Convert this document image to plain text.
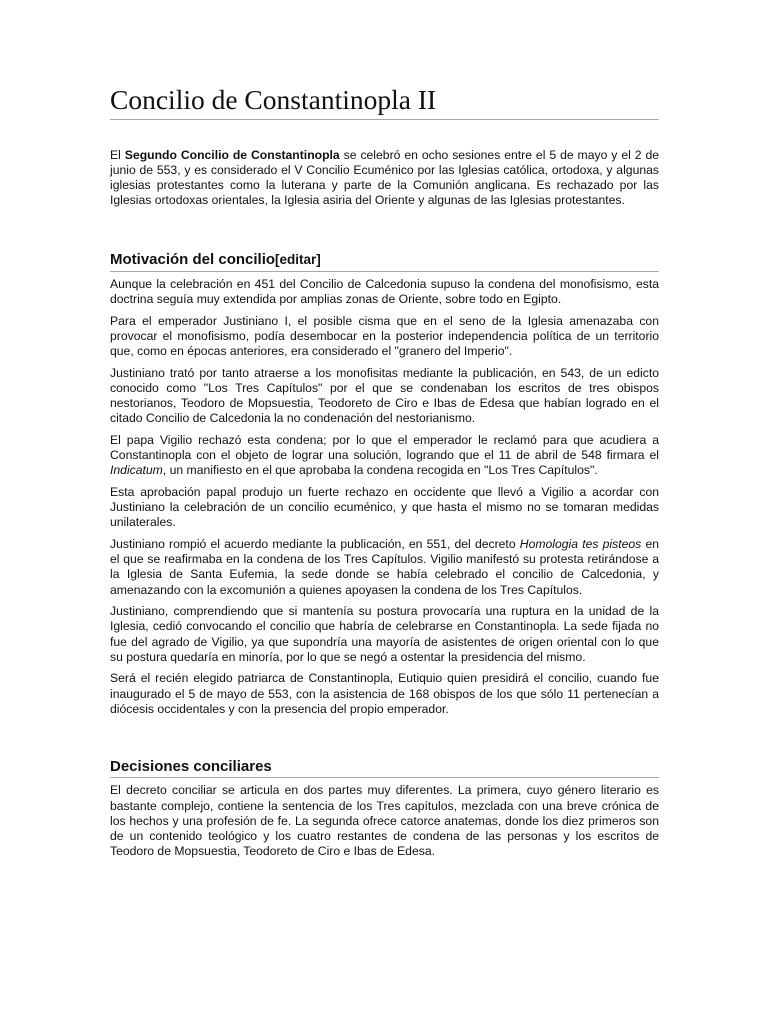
Concilio de Constantinopla II

El Segundo Concilio de Constantinopla se celebró en ocho sesiones entre el 5 de mayo y el 2 de junio de 553, y es considerado el V Concilio Ecuménico por las Iglesias católica, ortodoxa, y algunas iglesias protestantes como la luterana y parte de la Comunión anglicana. Es rechazado por las Iglesias ortodoxas orientales, la Iglesia asiria del Oriente y algunas de las Iglesias protestantes.

Motivación del concilio[editar]

Aunque la celebración en 451 del Concilio de Calcedonia supuso la condena del monofisismo, esta doctrina seguía muy extendida por amplias zonas de Oriente, sobre todo en Egipto.

Para el emperador Justiniano I, el posible cisma que en el seno de la Iglesia amenazaba con provocar el monofisismo, podía desembocar en la posterior independencia política de un territorio que, como en épocas anteriores, era considerado el "granero del Imperio".

Justiniano trató por tanto atraerse a los monofisitas mediante la publicación, en 543, de un edicto conocido como "Los Tres Capítulos" por el que se condenaban los escritos de tres obispos nestorianos, Teodoro de Mopsuestia, Teodoreto de Ciro e Ibas de Edesa que habían logrado en el citado Concilio de Calcedonia la no condenación del nestorianismo.

El papa Vigilio rechazó esta condena; por lo que el emperador le reclamó para que acudiera a Constantinopla con el objeto de lograr una solución, logrando que el 11 de abril de 548 firmara el Indicatum, un manifiesto en el que aprobaba la condena recogida en "Los Tres Capítulos".

Esta aprobación papal produjo un fuerte rechazo en occidente que llevó a Vigilio a acordar con Justiniano la celebración de un concilio ecuménico, y que hasta el mismo no se tomaran medidas unilaterales.

Justiniano rompió el acuerdo mediante la publicación, en 551, del decreto Homologia tes pisteos en el que se reafirmaba en la condena de los Tres Capítulos. Vigilio manifestó su protesta retirándose a la Iglesia de Santa Eufemia, la sede donde se había celebrado el concilio de Calcedonia, y amenazando con la excomunión a quienes apoyasen la condena de los Tres Capítulos.

Justiniano, comprendiendo que si mantenía su postura provocaría una ruptura en la unidad de la Iglesia, cedió convocando el concilio que habría de celebrarse en Constantinopla. La sede fijada no fue del agrado de Vigilio, ya que supondría una mayoría de asistentes de origen oriental con lo que su postura quedaría en minoría, por lo que se negó a ostentar la presidencia del mismo.

Será el recién elegido patriarca de Constantinopla, Eutiquio quien presidirá el concilio, cuando fue inaugurado el 5 de mayo de 553, con la asistencia de 168 obispos de los que sólo 11 pertenecían a diócesis occidentales y con la presencia del propio emperador.

Decisiones conciliares

El decreto conciliar se articula en dos partes muy diferentes. La primera, cuyo género literario es bastante complejo, contiene la sentencia de los Tres capítulos, mezclada con una breve crónica de los hechos y una profesión de fe. La segunda ofrece catorce anatemas, donde los diez primeros son de un contenido teológico y los cuatro restantes de condena de las personas y los escritos de Teodoro de Mopsuestia, Teodoreto de Ciro e Ibas de Edesa.
